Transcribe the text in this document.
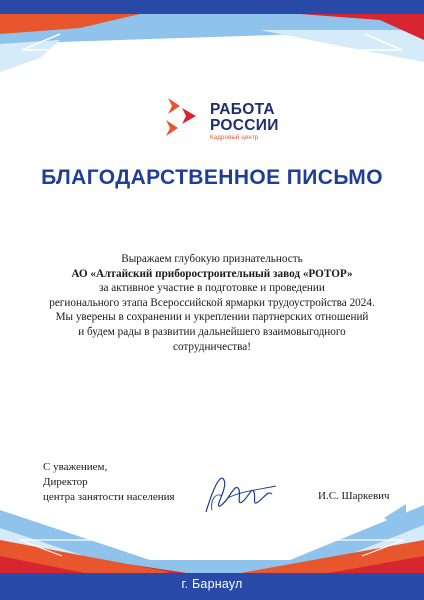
РАБОТА
РОССИИ
Кадровый центр
БЛАГОДАРСТВЕННОЕ ПИСЬМО
Выражаем глубокую признательность
АО «Алтайский приборостроительный завод «РОТОР»
за активное участие в подготовке и проведении
регионального этапа Всероссийской ярмарки трудоустройства 2024.
Мы уверены в сохранении и укреплении партнерских отношений
и будем рады в развитии дальнейшего взаимовыгодного
сотрудничества!
С уважением,
Директор
центра занятости населения	И.С. Шаркевич
г. Барнаул
